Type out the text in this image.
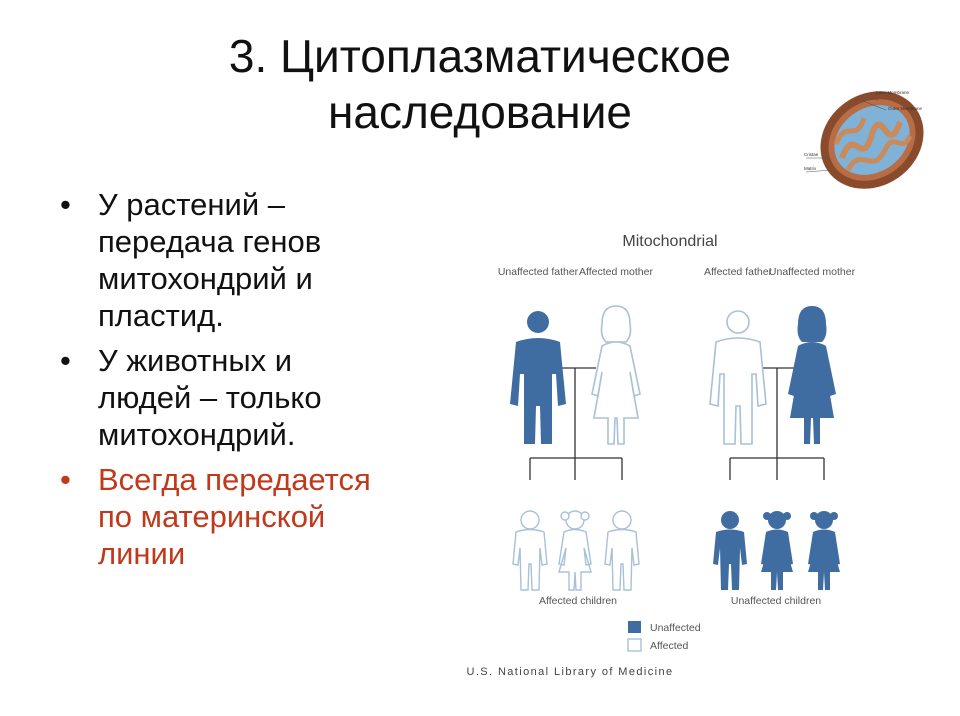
3. Цитоплазматическое
наследование
• У растений – передача генов митохондрий и пластид.
• У животных и людей – только митохондрий.
• Всегда передается по материнской линии
Inner Membrane
Outer Membrane
Cristae
Matrix
Mitochondrial
Unaffected father Affected mother	Affected father
Unaffected mother
Affected children	Unaffected children
Unaffected
Affected
U.S. National Library of Medicine
